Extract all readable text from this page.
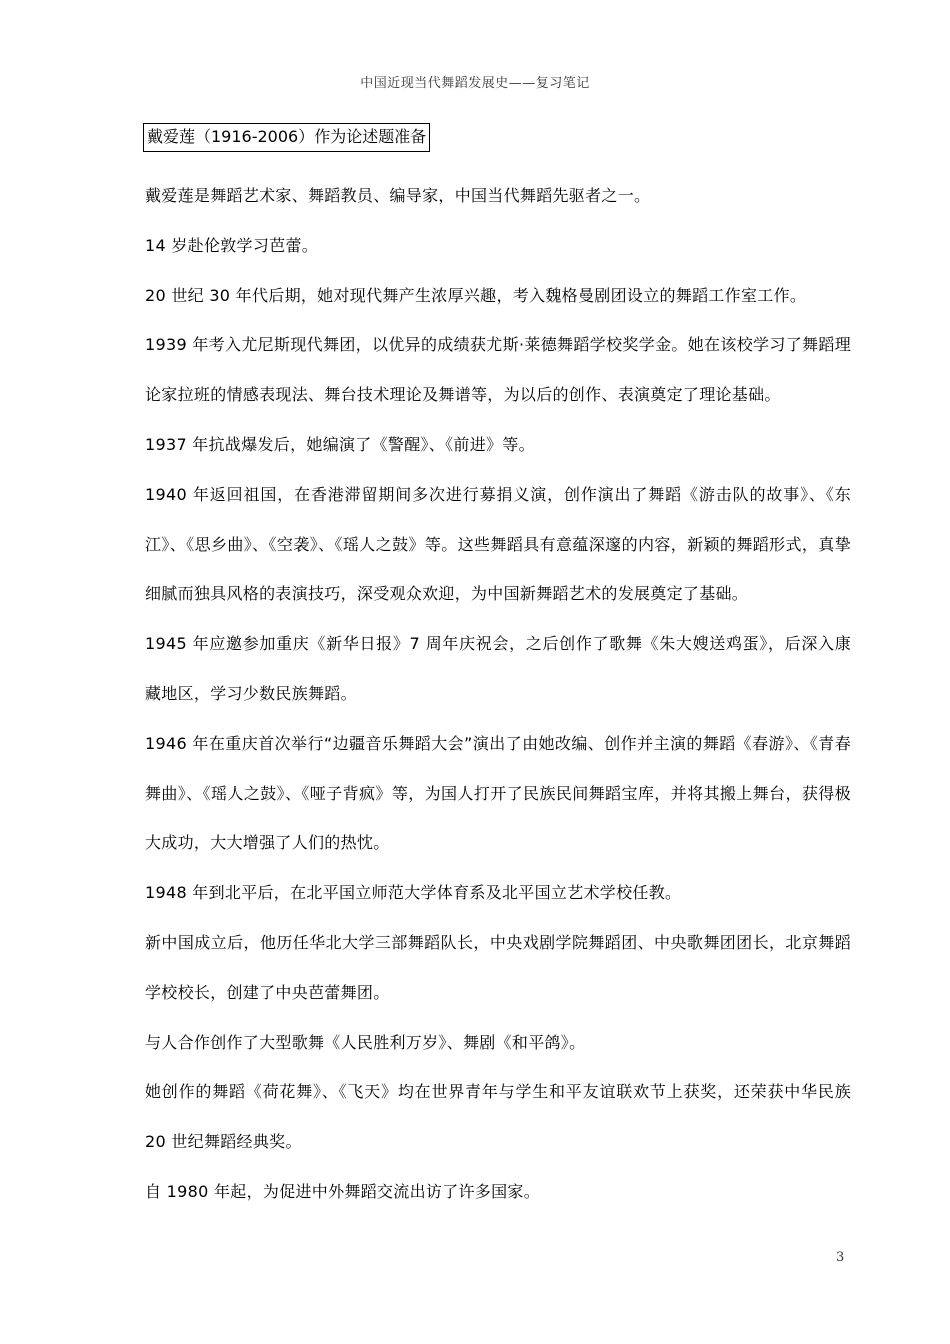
中国近现当代舞蹈发展史——复习笔记
戴爱莲（1916-2006）作为论述题准备

戴爱莲是舞蹈艺术家、舞蹈教员、编导家，中国当代舞蹈先驱者之一。

14 岁赴伦敦学习芭蕾。

20 世纪 30 年代后期，她对现代舞产生浓厚兴趣，考入魏格曼剧团设立的舞蹈工作室工作。

1939 年考入尤尼斯现代舞团，以优异的成绩获尤斯·莱德舞蹈学校奖学金。她在该校学习了舞蹈理论家拉班的情感表现法、舞台技术理论及舞谱等，为以后的创作、表演奠定了理论基础。

1937 年抗战爆发后，她编演了《警醒》、《前进》等。

1940 年返回祖国，在香港滞留期间多次进行募捐义演，创作演出了舞蹈《游击队的故事》、《东江》、《思乡曲》、《空袭》、《瑶人之鼓》等。这些舞蹈具有意蕴深邃的内容，新颖的舞蹈形式，真挚细腻而独具风格的表演技巧，深受观众欢迎，为中国新舞蹈艺术的发展奠定了基础。

1945 年应邀参加重庆《新华日报》7 周年庆祝会，之后创作了歌舞《朱大嫂送鸡蛋》，后深入康藏地区，学习少数民族舞蹈。

1946 年在重庆首次举行“边疆音乐舞蹈大会”演出了由她改编、创作并主演的舞蹈《春游》、《青春舞曲》、《瑶人之鼓》、《哑子背疯》等，为国人打开了民族民间舞蹈宝库，并将其搬上舞台，获得极大成功，大大增强了人们的热忱。

1948 年到北平后，在北平国立师范大学体育系及北平国立艺术学校任教。

新中国成立后，他历任华北大学三部舞蹈队长，中央戏剧学院舞蹈团、中央歌舞团团长，北京舞蹈学校校长，创建了中央芭蕾舞团。

与人合作创作了大型歌舞《人民胜利万岁》、舞剧《和平鸽》。

她创作的舞蹈《荷花舞》、《飞天》均在世界青年与学生和平友谊联欢节上获奖，还荣获中华民族 20 世纪舞蹈经典奖。

自 1980 年起，为促进中外舞蹈交流出访了许多国家。

3
